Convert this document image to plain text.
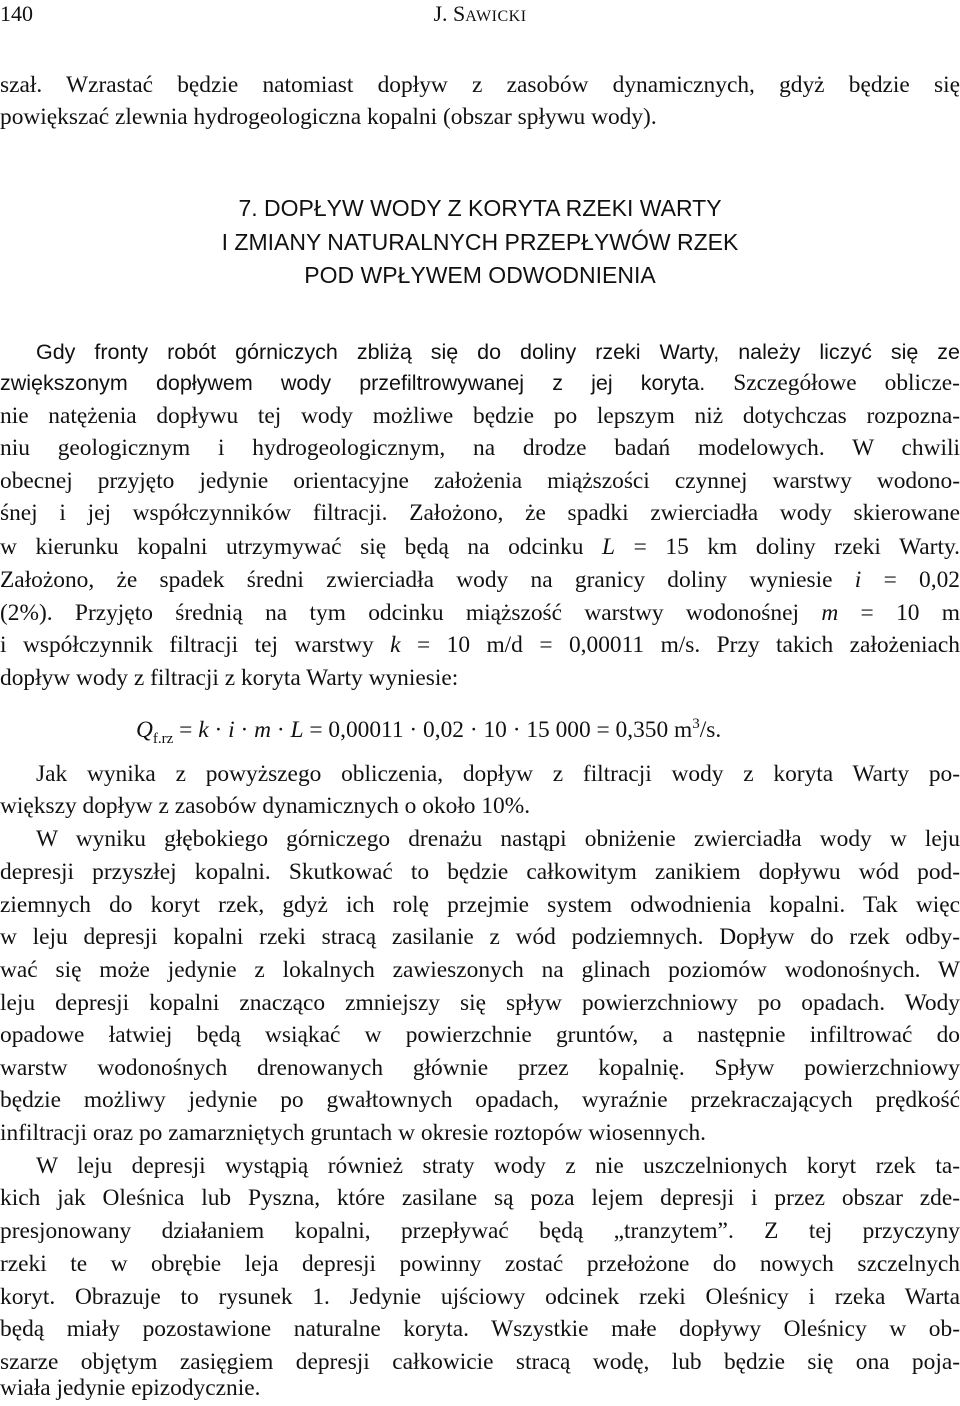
140	J. SAWICKI
szał. Wzrastać będzie natomiast dopływ z zasobów dynamicznych, gdyż będzie się
powiększać zlewnia hydrogeologiczna kopalni (obszar spływu wody).
7. DOPŁYW WODY Z KORYTA RZEKI WARTY
I ZMIANY NATURALNYCH PRZEPŁYWÓW RZEK
POD WPŁYWEM ODWODNIENIA
Gdy fronty robót górniczych zbliżą się do doliny rzeki Warty, należy liczyć się ze
zwiększonym dopływem wody przefiltrowywanej z jej koryta. Szczegółowe oblicze-
nie natężenia dopływu tej wody możliwe będzie po lepszym niż dotychczas rozpozna-
niu geologicznym i hydrogeologicznym, na drodze badań modelowych. W chwili
obecnej przyjęto jedynie orientacyjne założenia miąższości czynnej warstwy wodono-
śnej i jej współczynników filtracji. Założono, że spadki zwierciadła wody skierowane
w kierunku kopalni utrzymywać się będą na odcinku L = 15 km doliny rzeki Warty.
Założono, że spadek średni zwierciadła wody na granicy doliny wyniesie i = 0,02
(2%). Przyjęto średnią na tym odcinku miąższość warstwy wodonośnej m = 10 m
i współczynnik filtracji tej warstwy k = 10 m/d = 0,00011 m/s. Przy takich założeniach
dopływ wody z filtracji z koryta Warty wyniesie:
$Q_{f.rz} = k \cdot i \cdot m \cdot L = 0,00011 \cdot 0,02 \cdot 10 \cdot 15$ 000 = 0,350 $m^3/s$.
Jak wynika z powyższego obliczenia, dopływ z filtracji wody z koryta Warty po-
większy dopływ z zasobów dynamicznych o około 10%.
W wyniku głębokiego górniczego drenażu nastąpi obniżenie zwierciadła wody w leju
depresji przyszłej kopalni. Skutkować to będzie całkowitym zanikiem dopływu wód pod-
ziemnych do koryt rzek, gdyż ich rolę przejmie system odwodnienia kopalni. Tak więc
w leju depresji kopalni rzeki stracą zasilanie z wód podziemnych. Dopływ do rzek odby-
wać się może jedynie z lokalnych zawieszonych na glinach poziomów wodonośnych. W
leju depresji kopalni znacząco zmniejszy się spływ powierzchniowy po opadach. Wody
opadowe łatwiej będą wsiąkać w powierzchnie gruntów, a następnie infiltrować do
warstw wodonośnych drenowanych głównie przez kopalnię. Spływ powierzchniowy
będzie możliwy jedynie po gwałtownych opadach, wyraźnie przekraczających prędkość
infiltracji oraz po zamarzniętych gruntach w okresie roztopów wiosennych.
W leju depresji wystąpią również straty wody z nie uszczelnionych koryt rzek ta-
kich jak Oleśnica lub Pyszna, które zasilane są poza lejem depresji i przez obszar zde-
presjonowany działaniem kopalni, przepływać będą „tranzytem”. Z tej przyczyny
rzeki te w obrębie leja depresji powinny zostać przełożone do nowych szczelnych
koryt. Obrazuje to rysunek 1. Jedynie ujściowy odcinek rzeki Oleśnicy i rzeka Warta
będą miały pozostawione naturalne koryta. Wszystkie małe dopływy Oleśnicy w ob-
szarze objętym zasięgiem depresji całkowicie stracą wodę, lub będzie się ona poja-
wiała jedynie epizodycznie.
